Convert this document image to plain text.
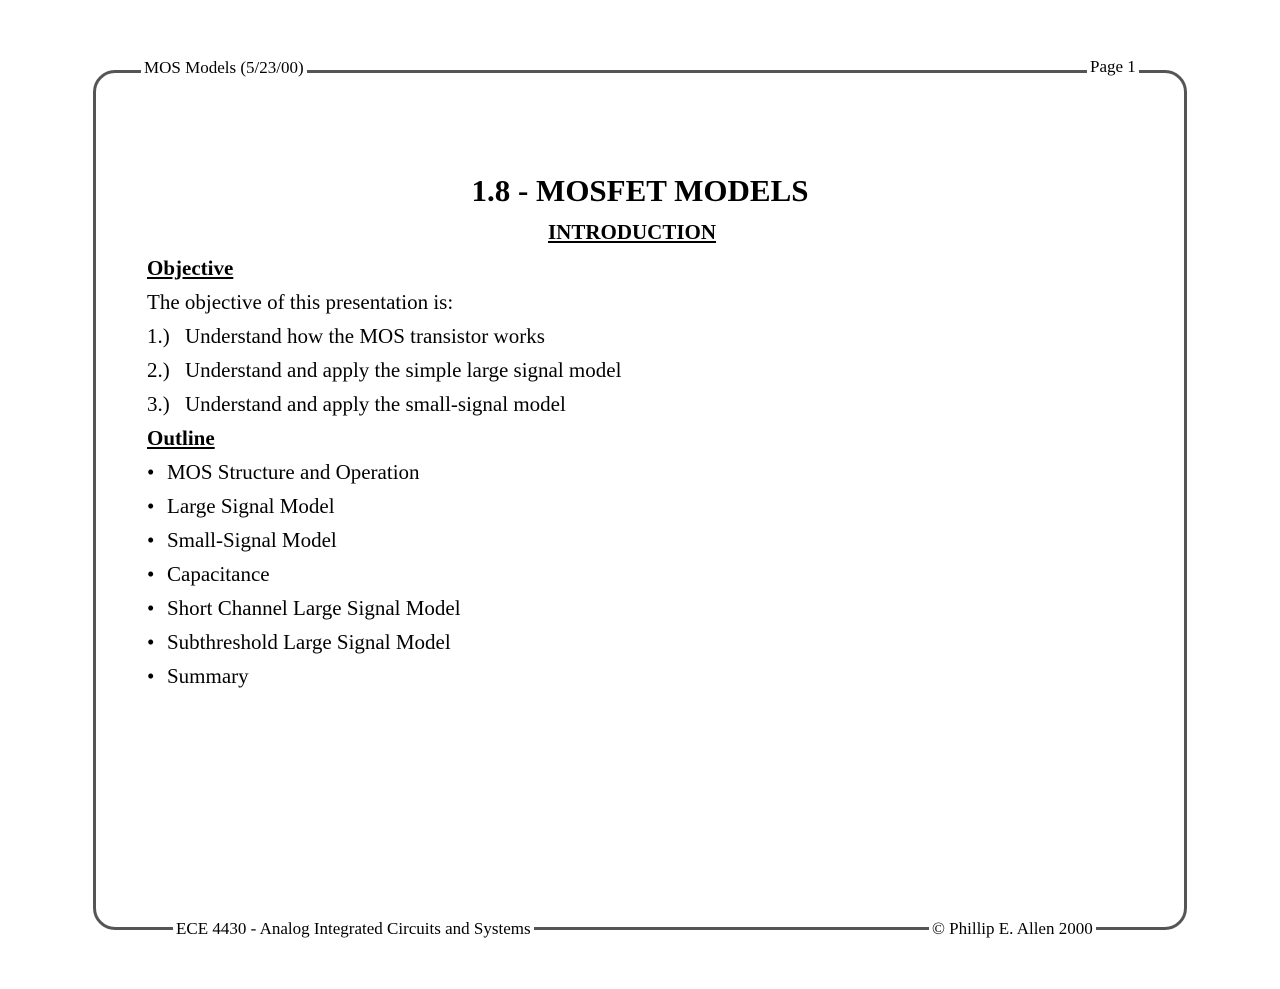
MOS Models (5/23/00)	Page 1
ECE 4430 - Analog Integrated Circuits and Systems	© Phillip E. Allen 2000
1.8 - MOSFET MODELS
INTRODUCTION
Objective
The objective of this presentation is:
1.) Understand how the MOS transistor works
2.) Understand and apply the simple large signal model
3.) Understand and apply the small-signal model
Outline
• MOS Structure and Operation
• Large Signal Model
• Small-Signal Model
• Capacitance
• Short Channel Large Signal Model
• Subthreshold Large Signal Model
• Summary
